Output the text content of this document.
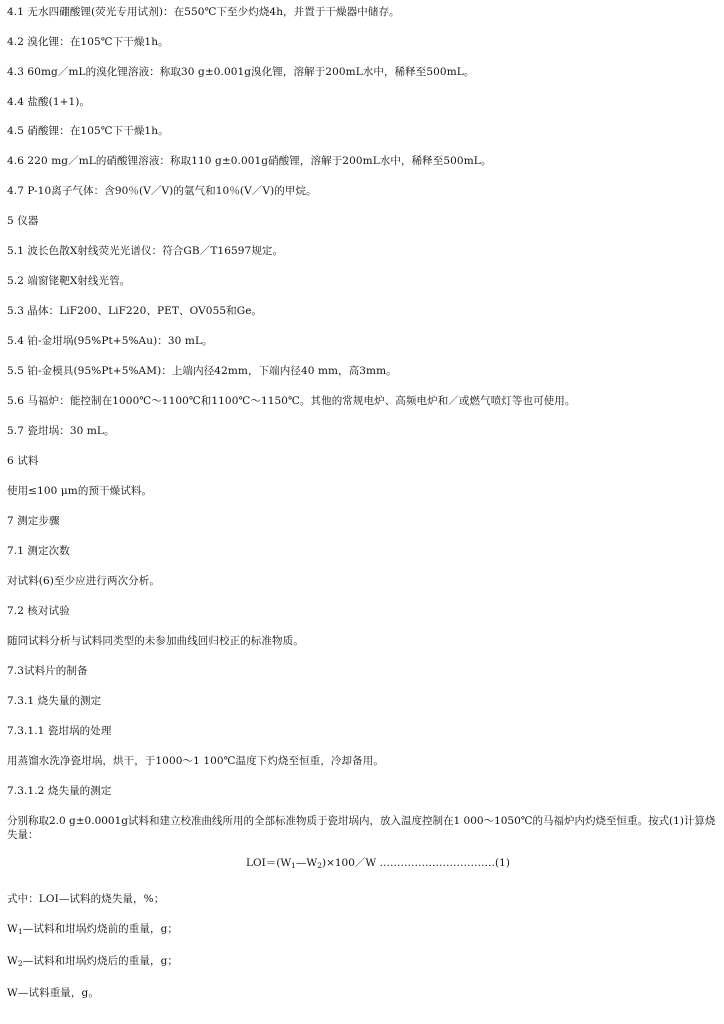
4.1 无水四硼酸锂(荧光专用试剂)：在550℃下至少灼烧4h，并置于干燥器中储存。
4.2 溴化锂：在105℃下干燥1h。
4.3 60mg／mL的溴化锂溶液：称取30 g±0.001g溴化锂，溶解于200mL水中，稀释至500mL。
4.4 盐酸(1+1)。
4.5 硝酸锂：在105℃下干燥1h。
4.6 220 mg／mL的硝酸锂溶液：称取110 g±0.001g硝酸锂，溶解于200mL水中，稀释至500mL。
4.7 P-10离子气体：含90％(V／V)的氩气和10％(V／V)的甲烷。
5 仪器
5.1 波长色散X射线荧光光谱仪：符合GB／T16597规定。
5.2 端窗铑靶X射线光管。
5.3 晶体：LiF200、LiF220、PET、OV055和Ge。
5.4 铂-金坩埚(95%Pt+5%Au)：30 mL。
5.5 铂-金模具(95%Pt+5%AM)：上端内径42mm，下端内径40 mm，高3mm。
5.6 马福炉：能控制在1000℃～1100℃和1100℃～1150℃。其他的常规电炉、高频电炉和／或燃气喷灯等也可使用。
5.7 瓷坩埚：30 mL。
6 试料
使用≤100 μm的预干燥试料。
7 测定步骤
7.1 测定次数
对试料(6)至少应进行两次分析。
7.2 核对试验
随同试料分析与试料同类型的未参加曲线回归校正的标准物质。
7.3试料片的制备
7.3.1 烧失量的测定
7.3.1.1 瓷坩埚的处理
用蒸馏水洗净瓷坩埚，烘干，于1000～1 100℃温度下灼烧至恒重，冷却备用。
7.3.1.2 烧失量的测定
分别称取2.0 g±0.0001g试料和建立校准曲线所用的全部标准物质于瓷坩埚内，放入温度控制在1 000～1050℃的马福炉内灼烧至恒重。按式(1)计算烧失量：
$LOI=(W_1—W_2)\times 100/W$ ……………………………(1)
式中：LOI—试料的烧失量，%；
$W_1—$试料和坩埚灼烧前的重量，g；
$W_2—$试料和坩埚灼烧后的重量，g；
W—试料重量，g。
